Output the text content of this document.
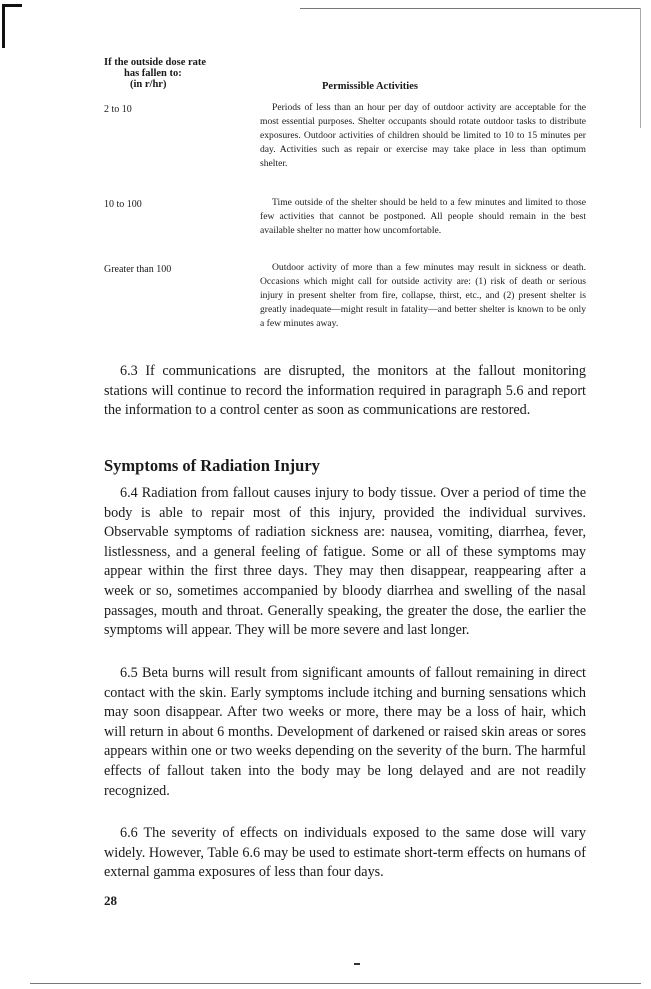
If the outside dose rate
has fallen to:
(in r/hr)	Permissible Activities
2 to 10	Periods of less than an hour per day of outdoor activity are acceptable for the most essential purposes. Shelter occupants should rotate outdoor tasks to distribute exposures. Outdoor activities of children should be limited to 10 to 15 minutes per day. Activities such as repair or exercise may take place in less than optimum shelter.
10 to 100	Time outside of the shelter should be held to a few minutes and limited to those few activities that cannot be postponed. All people should remain in the best available shelter no matter how uncomfortable.
Greater than 100	Outdoor activity of more than a few minutes may result in sickness or death. Occasions which might call for outside activity are: (1) risk of death or serious injury in present shelter from fire, collapse, thirst, etc., and (2) present shelter is greatly inadequate—might result in fatality—and better shelter is known to be only a few minutes away.
6.3 If communications are disrupted, the monitors at the fallout monitoring stations will continue to record the information required in paragraph 5.6 and report the information to a control center as soon as communications are restored.
Symptoms of Radiation Injury
6.4 Radiation from fallout causes injury to body tissue. Over a period of time the body is able to repair most of this injury, provided the individual survives. Observable symptoms of radiation sickness are: nausea, vomiting, diarrhea, fever, listlessness, and a general feeling of fatigue. Some or all of these symptoms may appear within the first three days. They may then disappear, reappearing after a week or so, sometimes accompanied by bloody diarrhea and swelling of the nasal passages, mouth and throat. Generally speaking, the greater the dose, the earlier the symptoms will appear. They will be more severe and last longer.
6.5 Beta burns will result from significant amounts of fallout remaining in direct contact with the skin. Early symptoms include itching and burning sensations which may soon disappear. After two weeks or more, there may be a loss of hair, which will return in about 6 months. Development of darkened or raised skin areas or sores appears within one or two weeks depending on the severity of the burn. The harmful effects of fallout taken into the body may be long delayed and are not readily recognized.
6.6 The severity of effects on individuals exposed to the same dose will vary widely. However, Table 6.6 may be used to estimate short-term effects on humans of external gamma exposures of less than four days.
28
